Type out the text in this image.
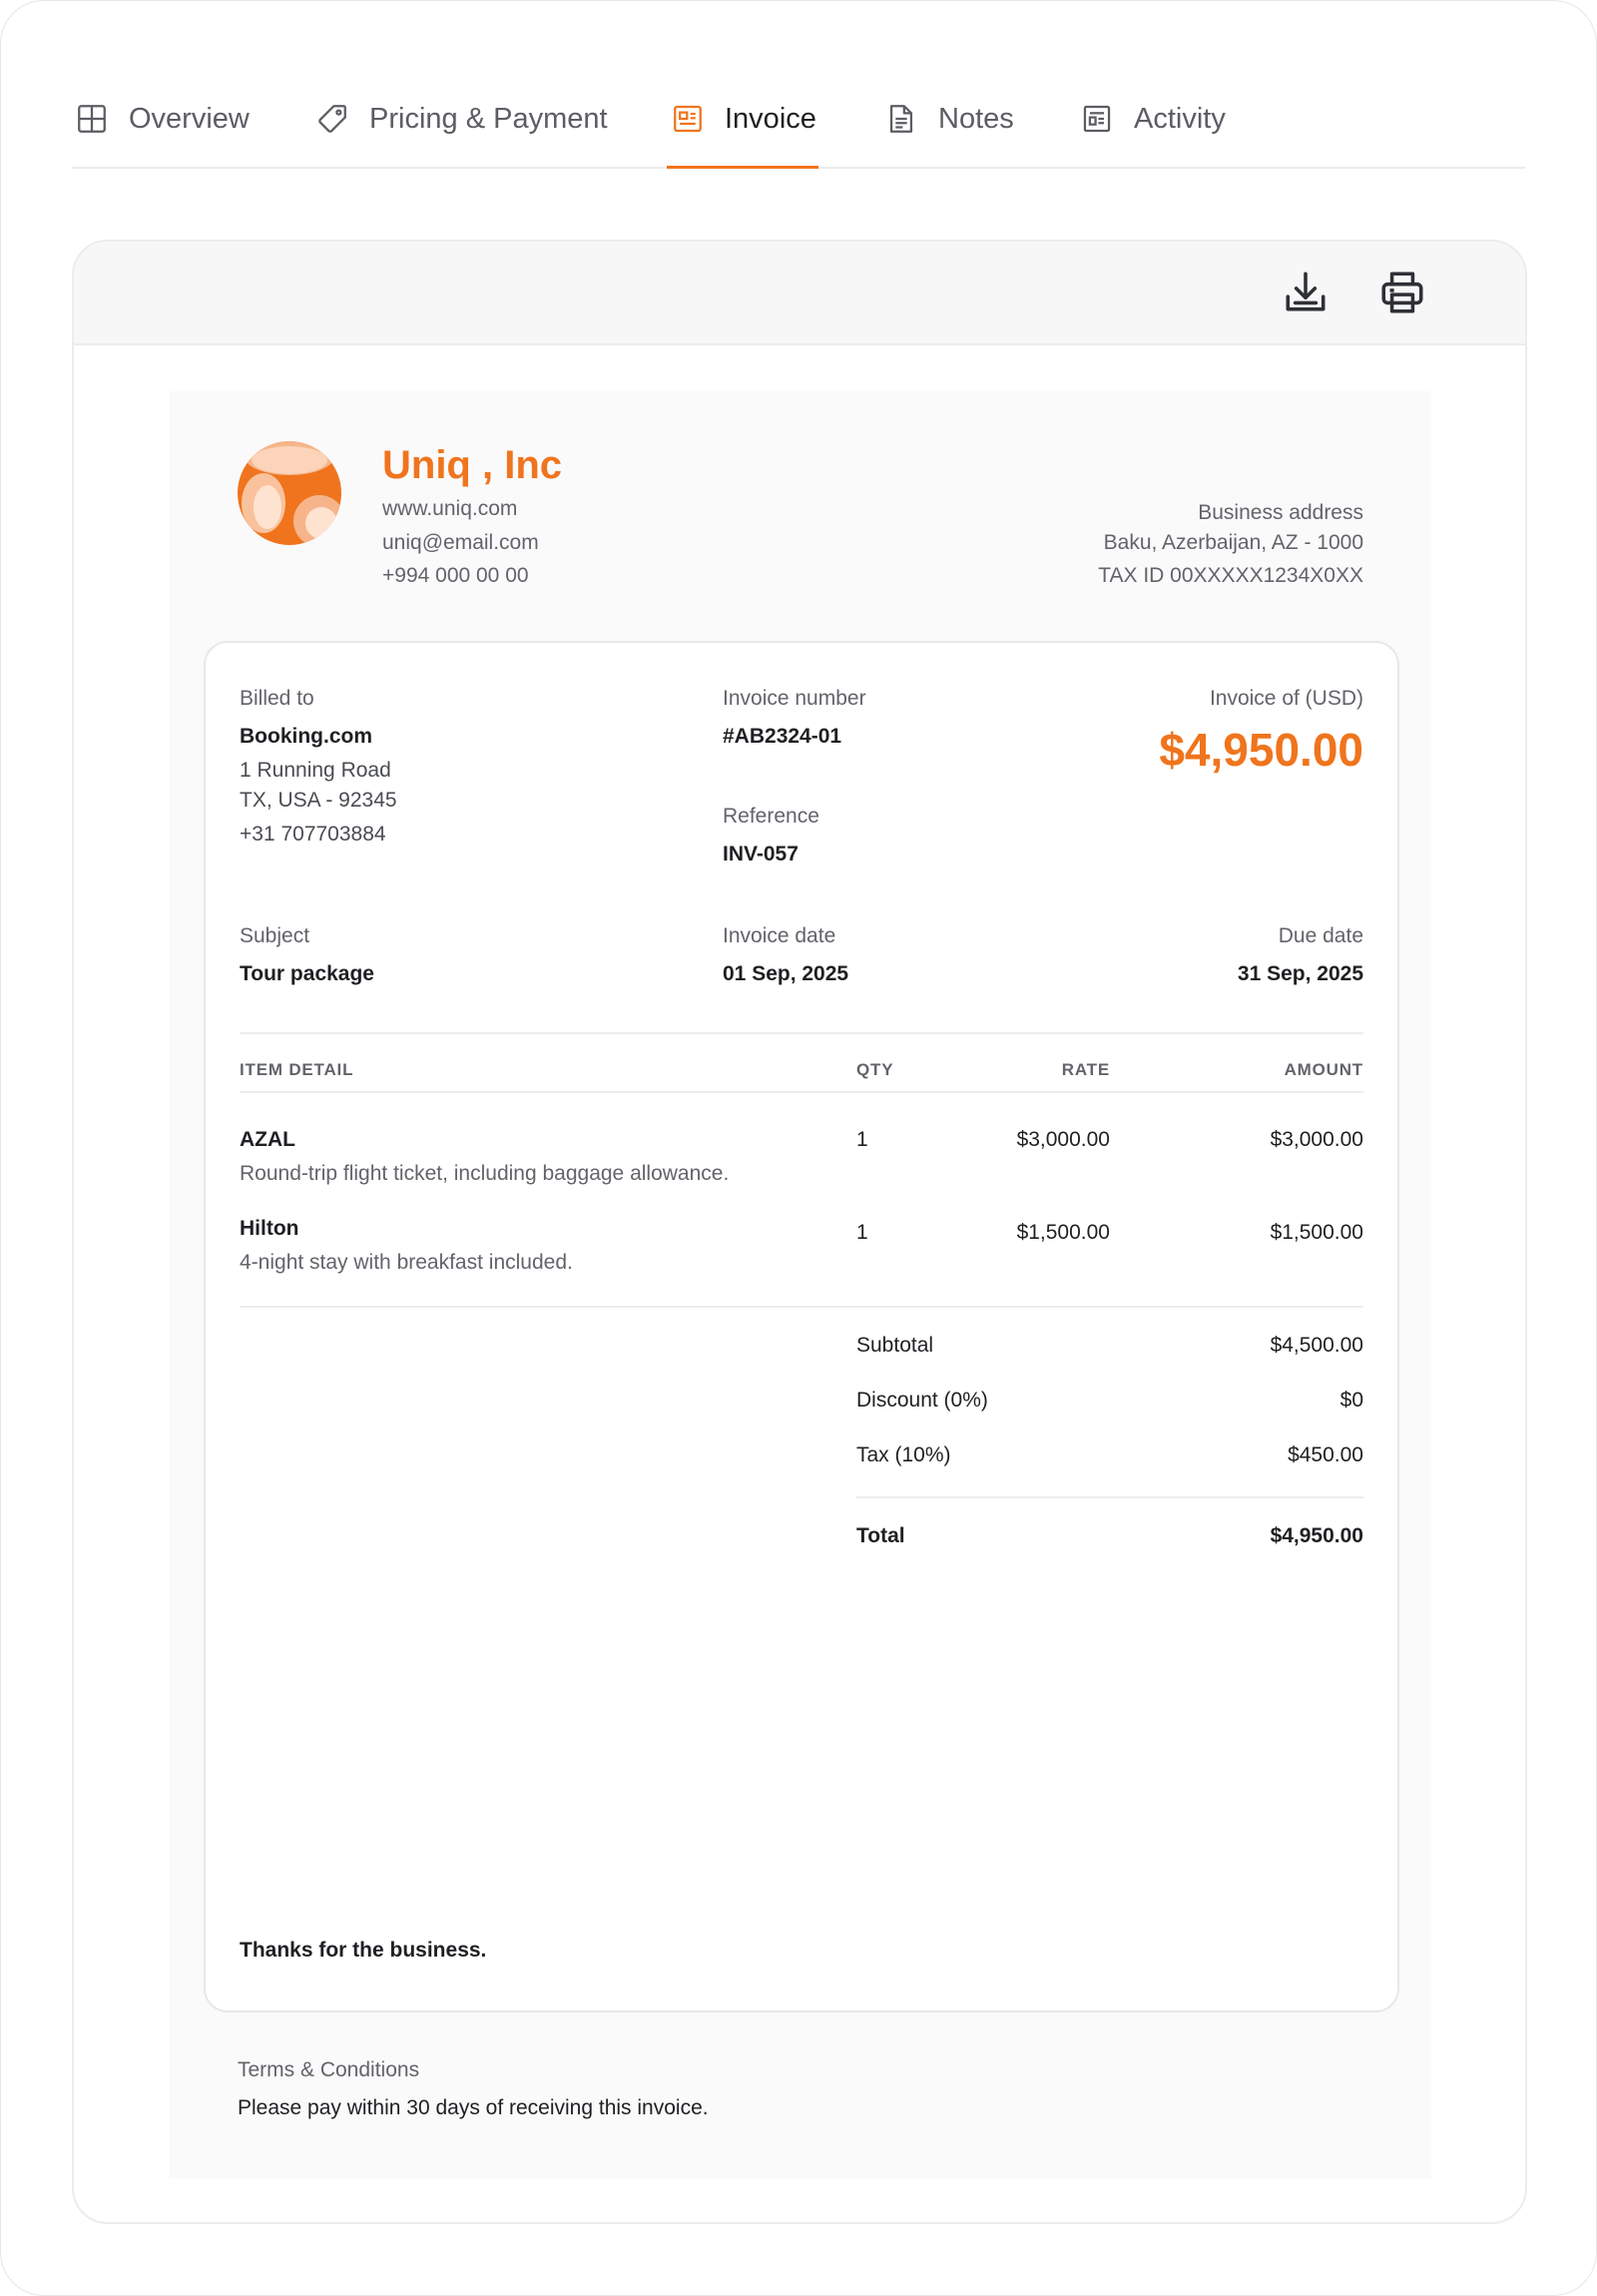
Overview	Pricing & Payment	Invoice	Notes	Activity
Uniq , Inc
www.uniq.com
uniq@email.com
+994 000 00 00
Business address
Baku, Azerbaijan, AZ - 1000
TAX ID 00XXXXX1234X0XX
Billed to
Booking.com
1 Running Road
TX, USA - 92345
+31 707703884
Invoice number
#AB2324-01
Reference
INV-057
Invoice of (USD)
$4,950.00
Subject
Tour package
Invoice date
01 Sep, 2025
Due date
31 Sep, 2025
ITEM DETAIL	QTY	RATE	AMOUNT
AZAL
Round-trip flight ticket, including baggage allowance.
1	$3,000.00	$3,000.00
Hilton
4-night stay with breakfast included.
1	$1,500.00	$1,500.00
Subtotal	$4,500.00
Discount (0%)	$0
Tax (10%)	$450.00
Total	$4,950.00
Thanks for the business.
Terms & Conditions
Please pay within 30 days of receiving this invoice.
